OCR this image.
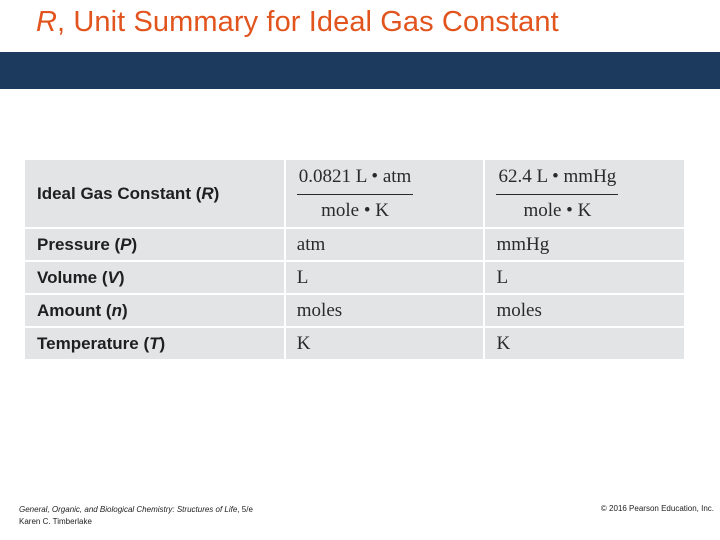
R, Unit Summary for Ideal Gas Constant
Ideal Gas Constant (R)	$\frac{\text{0.0821 L • atm}}{\text{mole • K}}$	$\frac{\text{62.4 L • mmHg}}{\text{mole • K}}$

Pressure (P)	atm	mmHg
Volume (V)	L	L
Amount (n)	moles	moles
Temperature (T)	K	K
General, Organic, and Biological Chemistry: Structures of Life, 5/e
Karen C. Timberlake
© 2016 Pearson Education, Inc.
